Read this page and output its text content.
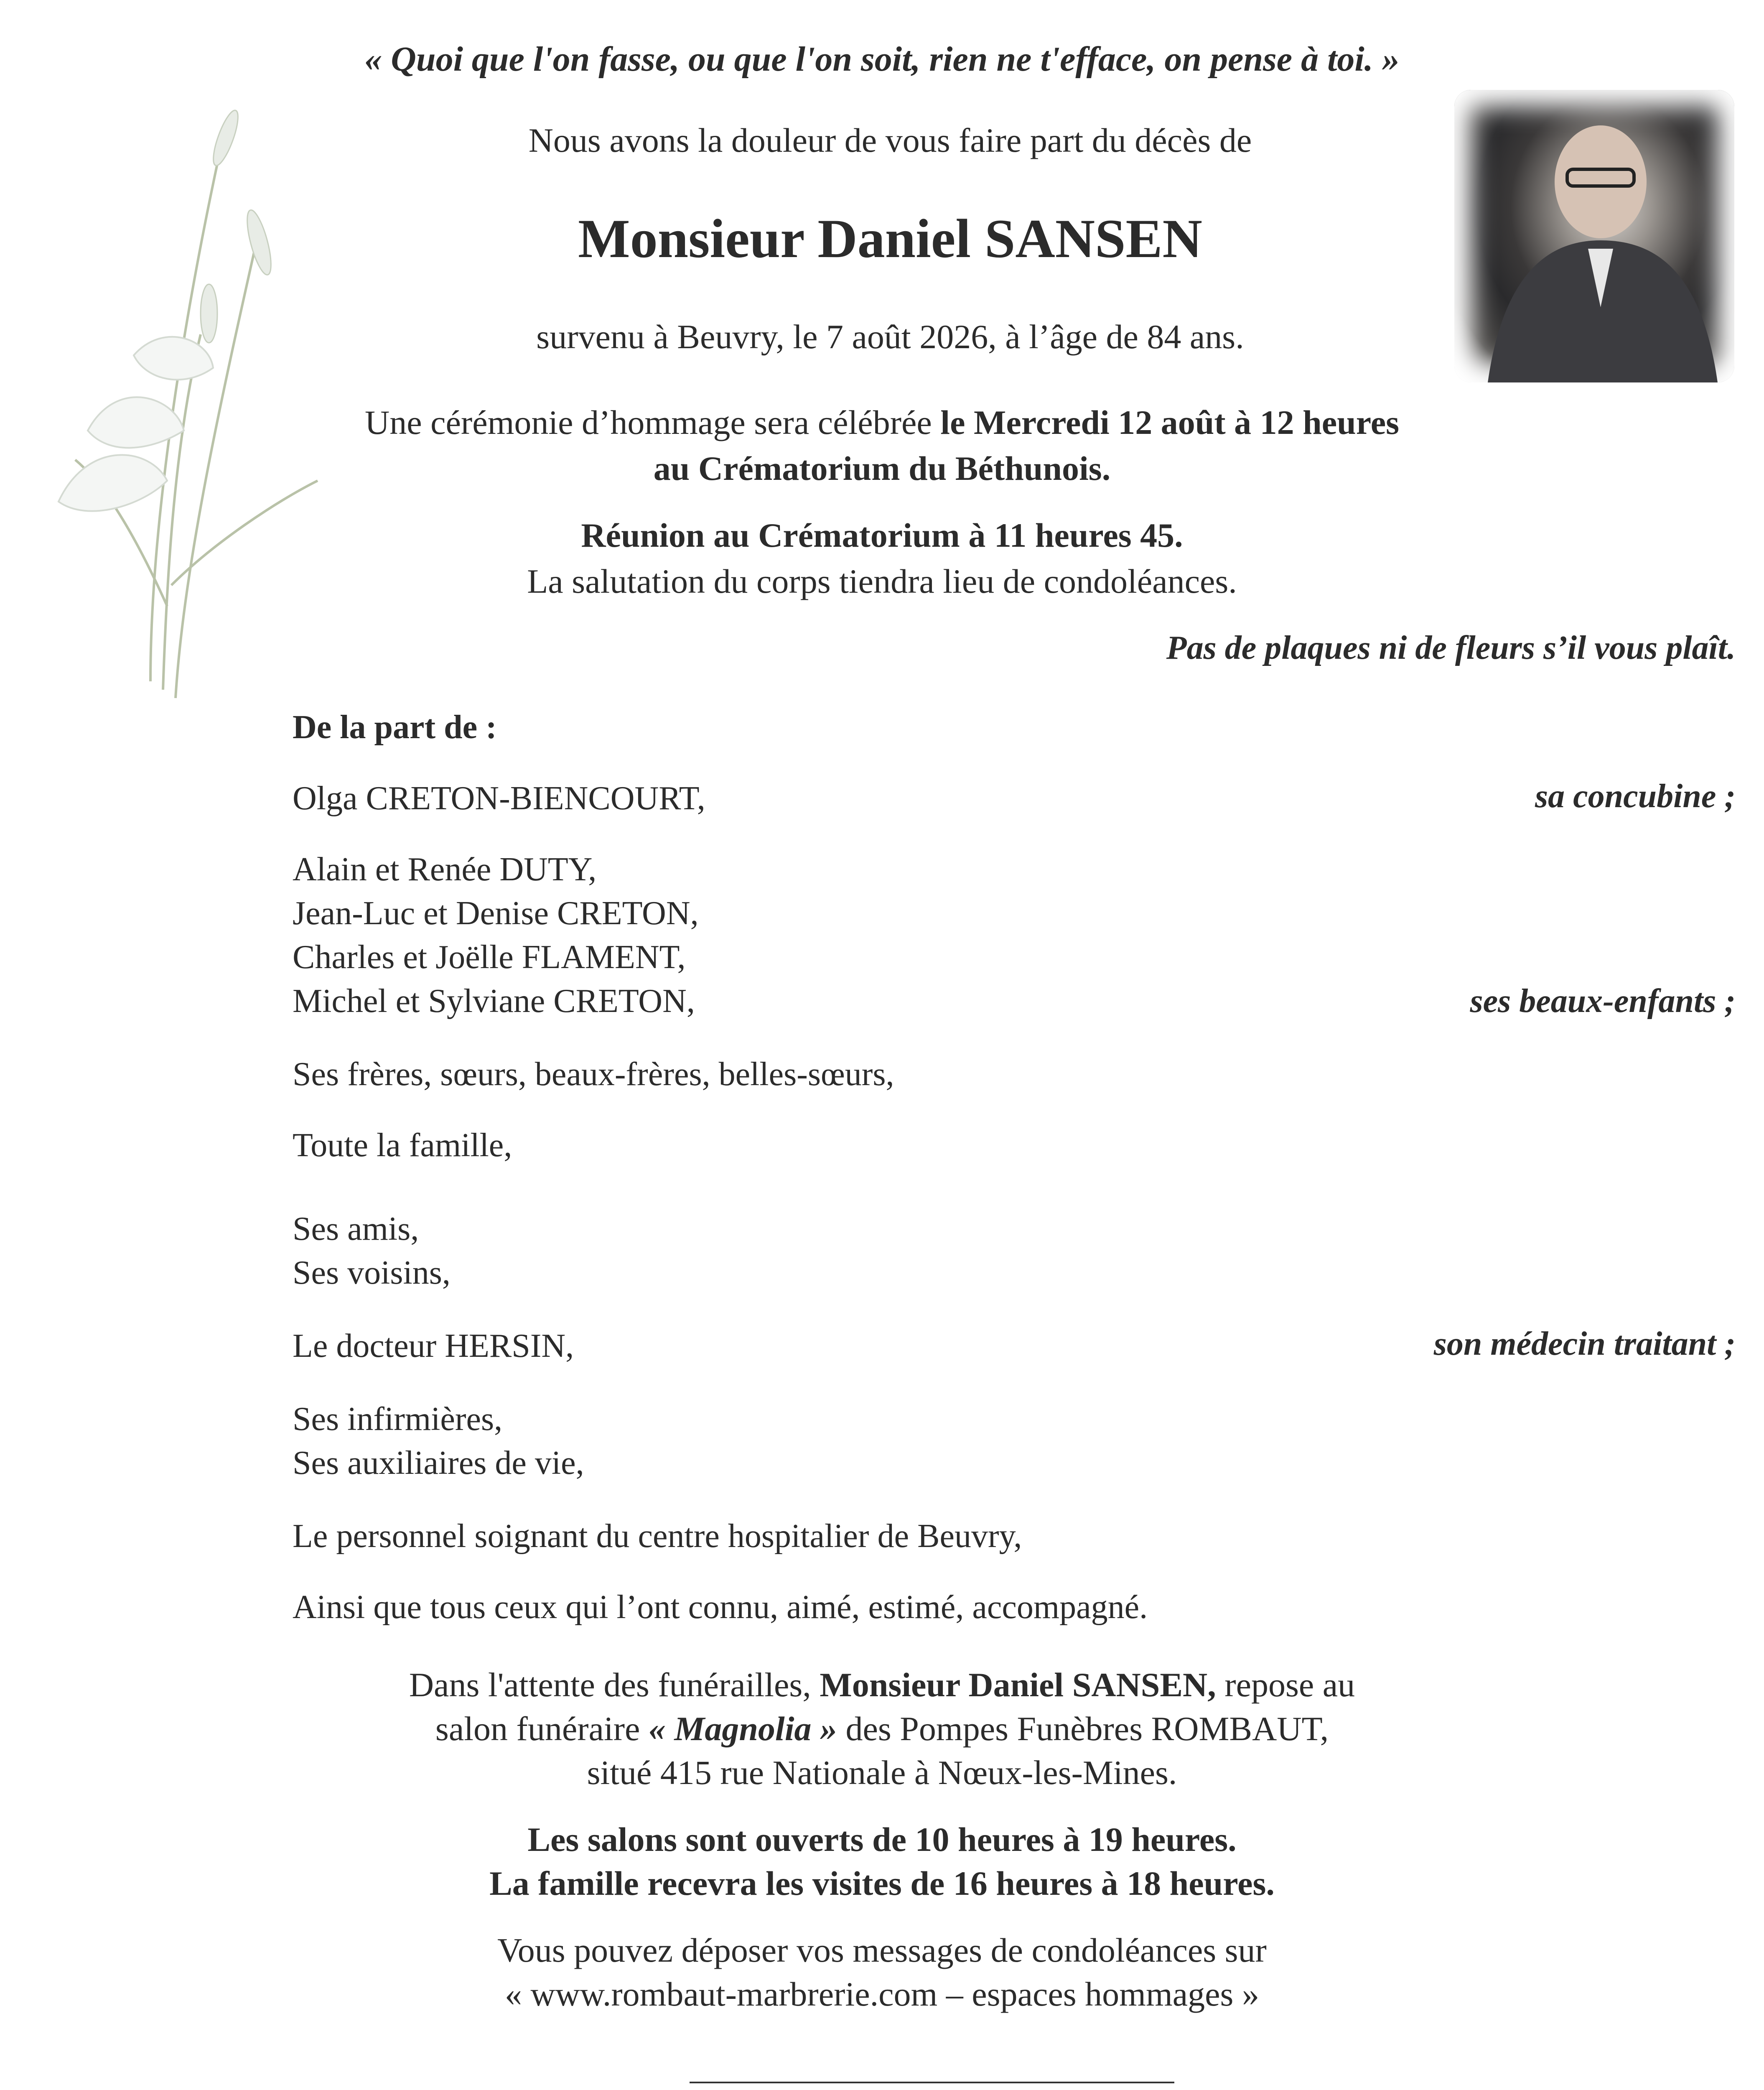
« Quoi que l'on fasse, ou que l'on soit, rien ne t'efface, on pense à toi. »
Nous avons la douleur de vous faire part du décès de
Monsieur Daniel SANSEN
survenu à Beuvry, le 7 août 2026, à l’âge de 84 ans.
Une cérémonie d’hommage sera célébrée le Mercredi 12 août à 12 heures
au Crématorium du Béthunois.
Réunion au Crématorium à 11 heures 45.
La salutation du corps tiendra lieu de condoléances.
Pas de plaques ni de fleurs s’il vous plaît.
De la part de :
Olga CRETON-BIENCOURT,	sa concubine ;
Alain et Renée DUTY,
Jean-Luc et Denise CRETON,
Charles et Joëlle FLAMENT,
Michel et Sylviane CRETON,	ses beaux-enfants ;
Ses frères, sœurs, beaux-frères, belles-sœurs,
Toute la famille,
Ses amis,
Ses voisins,
Le docteur HERSIN,	son médecin traitant ;
Ses infirmières,
Ses auxiliaires de vie,
Le personnel soignant du centre hospitalier de Beuvry,
Ainsi que tous ceux qui l’ont connu, aimé, estimé, accompagné.
Dans l'attente des funérailles, Monsieur Daniel SANSEN, repose au
salon funéraire « Magnolia » des Pompes Funèbres ROMBAUT,
situé 415 rue Nationale à Nœux-les-Mines.
Les salons sont ouverts de 10 heures à 19 heures.
La famille recevra les visites de 16 heures à 18 heures.
Vous pouvez déposer vos messages de condoléances sur
« www.rombaut-marbrerie.com – espaces hommages »
